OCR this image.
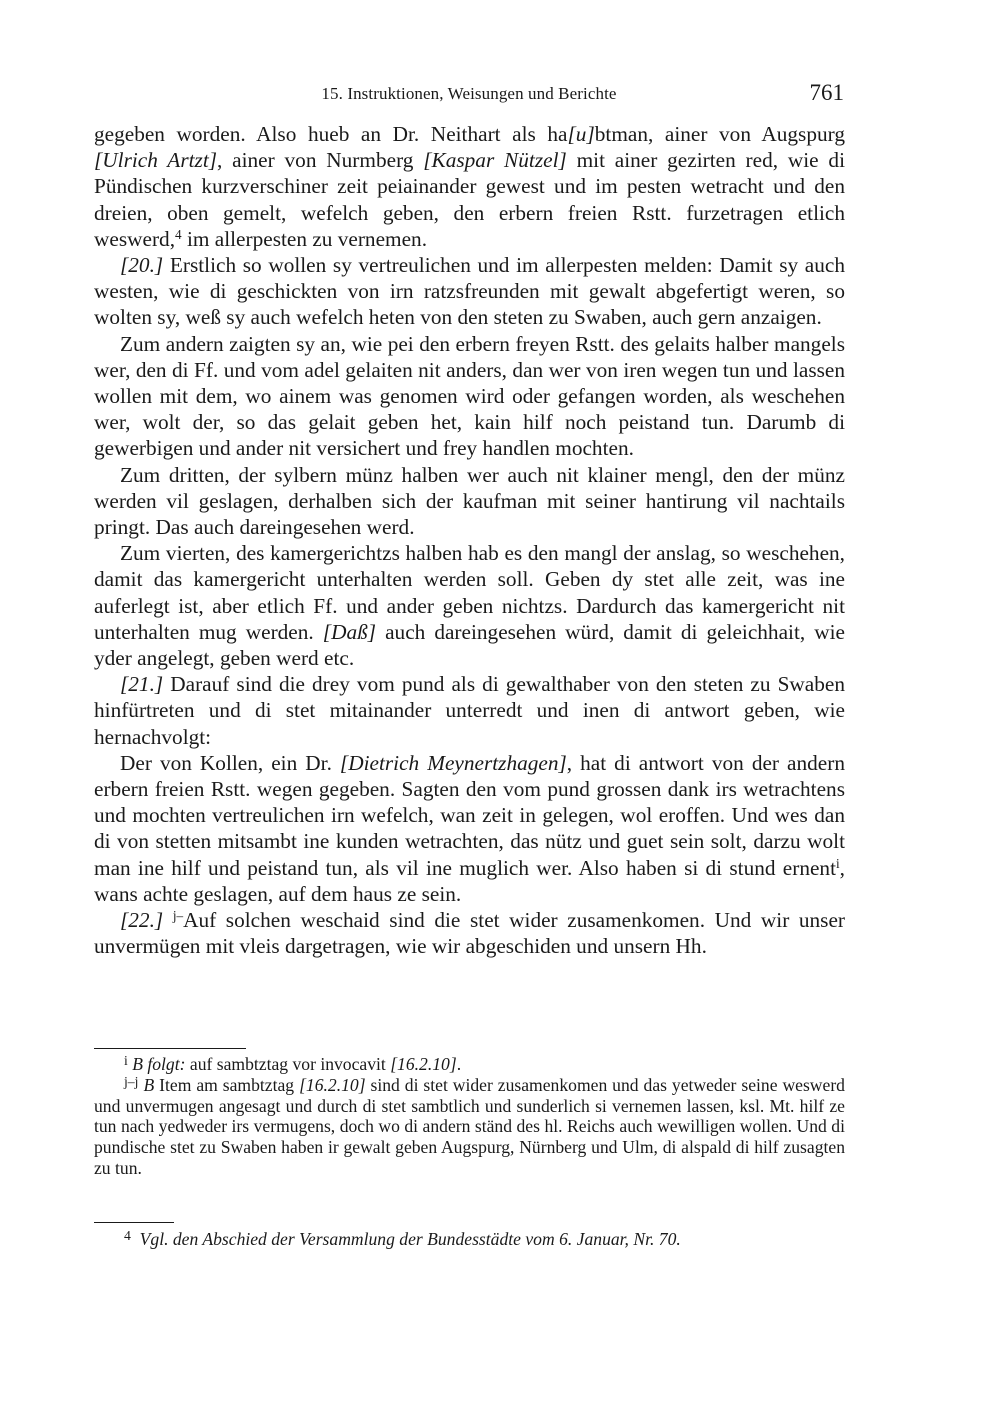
15. Instruktionen, Weisungen und Berichte	761

gegeben worden. Also hueb an Dr. Neithart als ha[u]btman, ainer von Augspurg [Ulrich Artzt], ainer von Nurmberg [Kaspar Nützel] mit ainer gezirten red, wie di Pündischen kurzverschiner zeit peiainander gewest und im pesten wetracht und den dreien, oben gemelt, wefelch geben, den erbern freien Rstt. furzetragen etlich weswerd,$^4$ im allerpesten zu vernemen.

[20.] Erstlich so wollen sy vertreulichen und im allerpesten melden: Damit sy auch westen, wie di geschickten von irn ratzsfreunden mit gewalt abgefertigt weren, so wolten sy, weß sy auch wefelch heten von den steten zu Swaben, auch gern anzaigen.

Zum andern zaigten sy an, wie pei den erbern freyen Rstt. des gelaits halber mangels wer, den di Ff. und vom adel gelaiten nit anders, dan wer von iren wegen tun und lassen wollen mit dem, wo ainem was genomen wird oder gefangen worden, als weschehen wer, wolt der, so das gelait geben het, kain hilf noch peistand tun. Darumb di gewerbigen und ander nit versichert und frey handlen mochten.

Zum dritten, der sylbern münz halben wer auch nit klainer mengl, den der münz werden vil geslagen, derhalben sich der kaufman mit seiner hantirung vil nachtails pringt. Das auch dareingesehen werd.

Zum vierten, des kamergerichtzs halben hab es den mangl der anslag, so weschehen, damit das kamergericht unterhalten werden soll. Geben dy stet alle zeit, was ine auferlegt ist, aber etlich Ff. und ander geben nichtzs. Dardurch das kamergericht nit unterhalten mug werden. [Daß] auch dareingesehen würd, damit di geleichhait, wie yder angelegt, geben werd etc.

[21.] Darauf sind die drey vom pund als di gewalthaber von den steten zu Swaben hinfürtreten und di stet mitainander unterredt und inen di antwort geben, wie hernachvolgt:

Der von Kollen, ein Dr. [Dietrich Meynertzhagen], hat di antwort von der andern erbern freien Rstt. wegen gegeben. Sagten den vom pund grossen dank irs wetrachtens und mochten vertreulichen irn wefelch, wan zeit in gelegen, wol eroffen. Und wes dan di von stetten mitsambt ine kunden wetrachten, das nütz und guet sein solt, darzu wolt man ine hilf und peistand tun, als vil ine muglich wer. Also haben si di stund ernent$^i$, wans achte geslagen, auf dem haus ze sein.

[22.] $^{j-}$Auf solchen weschaid sind die stet wider zusamenkomen. Und wir unser unvermügen mit vleis dargetragen, wie wir abgeschiden und unsern Hh.

$^i$ B folgt: auf sambtztag vor invocavit [16.2.10].

$^{j-j}$ B Item am sambtztag [16.2.10] sind di stet wider zusamenkomen und das yetweder seine weswerd und unvermugen angesagt und durch di stet sambtlich und sunderlich si vernemen lassen, ksl. Mt. hilf ze tun nach yedweder irs vermugens, doch wo di andern ständ des hl. Reichs auch wewilligen wollen. Und di pundische stet zu Swaben haben ir gewalt geben Augspurg, Nürnberg und Ulm, di alspald di hilf zusagten zu tun.

$^4$ Vgl. den Abschied der Versammlung der Bundesstädte vom 6. Januar, Nr. 70.
